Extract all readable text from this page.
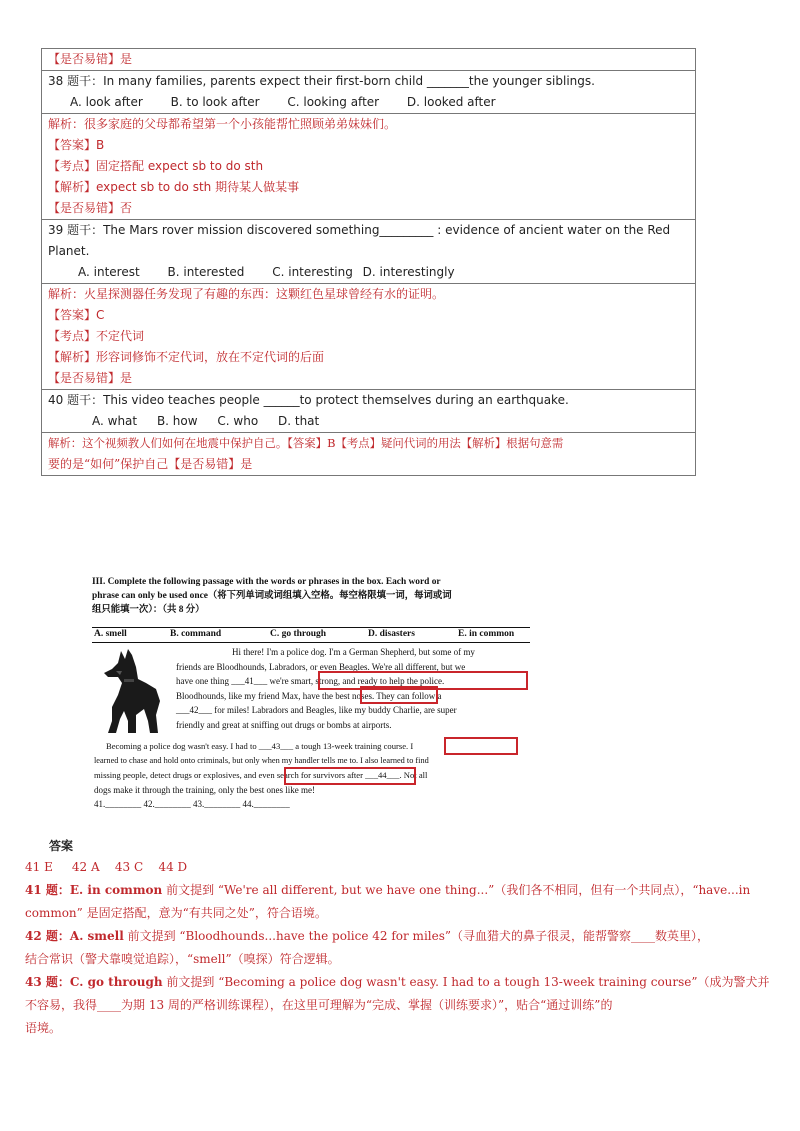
【是否易错】是
38 题干：In many families, parents expect their first-born child _______the younger siblings.
A. look after B. to look after C. looking after D. looked after
解析：很多家庭的父母都希望第一个小孩能帮忙照顾弟弟妹妹们。
【答案】B
【考点】固定搭配 expect sb to do sth
【解析】expect sb to do sth 期待某人做某事
【是否易错】否
39 题干：The Mars rover mission discovered something_________ : evidence of ancient water on the Red
Planet.
A. interest B. interested C. interesting D. interestingly
解析：火星探测器任务发现了有趣的东西：这颗红色星球曾经有水的证明。
【答案】C
【考点】不定代词
【解析】形容词修饰不定代词，放在不定代词的后面
【是否易错】是
40 题干：This video teaches people ______to protect themselves during an earthquake.
A. what B. how C. who D. that
解析：这个视频教人们如何在地震中保护自己。【答案】B【考点】疑问代词的用法【解析】根据句意需
要的是“如何”保护自己【是否易错】是
III. Complete the following passage with the words or phrases in the box. Each word or
phrase can only be used once（将下列单词或词组填入空格。每空格限填一词，每词或词
组只能填一次）：（共 8 分）
A. smell	B. command	C. go through	D. disasters	E. in common
Hi there! I'm a police dog. I'm a German Shepherd, but some of my
friends are Bloodhounds, Labradors, or even Beagles. We're all different, but we
have one thing ___41___ we're smart, strong, and ready to help the police.
Bloodhounds, like my friend Max, have the best noses. They can follow a
___42___ for miles! Labradors and Beagles, like my buddy Charlie, are super
friendly and great at sniffing out drugs or bombs at airports.
Becoming a police dog wasn't easy. I had to ___43___ a tough 13-week training course. I
learned to chase and hold onto criminals, but only when my handler tells me to. I also learned to find
missing people, detect drugs or explosives, and even search for survivors after ___44___. Not all
dogs make it through the training, only the best ones like me!
41.________ 42.________ 43.________ 44.________
答案
41 E     42 A    43 C    44 D
41 题：E. in common 前文提到 “We're all different, but we have one thing...”（我们各不相同，但有一个共同点），“have...in
common” 是固定搭配，意为“有共同之处”，符合语境。
42 题：A. smell 前文提到 “Bloodhounds...have the police 42 for miles”（寻血猎犬的鼻子很灵，能帮警察____数英里），
结合常识（警犬靠嗅觉追踪），“smell”（嗅探）符合逻辑。
43 题：C. go through 前文提到 “Becoming a police dog wasn't easy. I had to a tough 13-week training course”（成为警犬并
不容易，我得____为期 13 周的严格训练课程），在这里可理解为“完成、掌握（训练要求）”，贴合“通过训练”的
语境。
